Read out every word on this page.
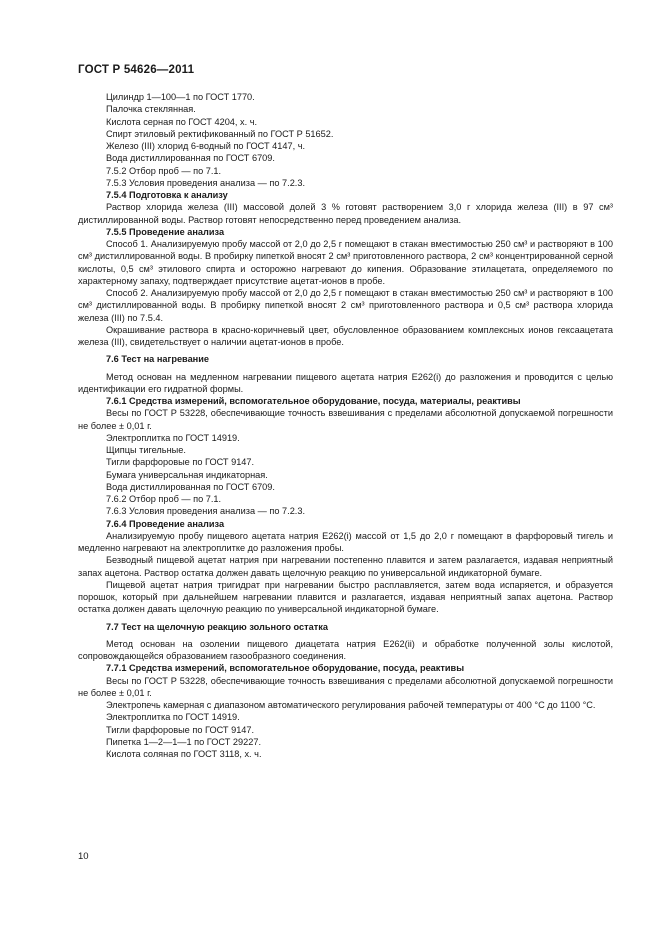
ГОСТ Р 54626—2011

Цилиндр 1—100—1 по ГОСТ 1770.

Палочка стеклянная.

Кислота серная по ГОСТ 4204, х. ч.

Спирт этиловый ректификованный по ГОСТ Р 51652.

Железо (III) хлорид 6-водный по ГОСТ 4147, ч.

Вода дистиллированная по ГОСТ 6709.

7.5.2 Отбор проб — по 7.1.

7.5.3 Условия проведения анализа — по 7.2.3.

7.5.4 Подготовка к анализу

Раствор хлорида железа (III) массовой долей 3 % готовят растворением 3,0 г хлорида железа (III) в 97 см³ дистиллированной воды. Раствор готовят непосредственно перед проведением анализа.

7.5.5 Проведение анализа

Способ 1. Анализируемую пробу массой от 2,0 до 2,5 г помещают в стакан вместимостью 250 см³ и растворяют в 100 см³ дистиллированной воды. В пробирку пипеткой вносят 2 см³ приготовленного раствора, 2 см³ концентрированной серной кислоты, 0,5 см³ этилового спирта и осторожно нагревают до кипения. Образование этилацетата, определяемого по характерному запаху, подтверждает присутствие ацетат-ионов в пробе.

Способ 2. Анализируемую пробу массой от 2,0 до 2,5 г помещают в стакан вместимостью 250 см³ и растворяют в 100 см³ дистиллированной воды. В пробирку пипеткой вносят 2 см³ приготовленного раствора и 0,5 см³ раствора хлорида железа (III) по 7.5.4.

Окрашивание раствора в красно-коричневый цвет, обусловленное образованием комплексных ионов гексаацетата железа (III), свидетельствует о наличии ацетат-ионов в пробе.

7.6 Тест на нагревание

Метод основан на медленном нагревании пищевого ацетата натрия Е262(i) до разложения и проводится с целью идентификации его гидратной формы.

7.6.1 Средства измерений, вспомогательное оборудование, посуда, материалы, реактивы

Весы по ГОСТ Р 53228, обеспечивающие точность взвешивания с пределами абсолютной допускаемой погрешности не более ± 0,01 г.

Электроплитка по ГОСТ 14919.

Щипцы тигельные.

Тигли фарфоровые по ГОСТ 9147.

Бумага универсальная индикаторная.

Вода дистиллированная по ГОСТ 6709.

7.6.2 Отбор проб — по 7.1.

7.6.3 Условия проведения анализа — по 7.2.3.

7.6.4 Проведение анализа

Анализируемую пробу пищевого ацетата натрия Е262(i) массой от 1,5 до 2,0 г помещают в фарфоровый тигель и медленно нагревают на электроплитке до разложения пробы.

Безводный пищевой ацетат натрия при нагревании постепенно плавится и затем разлагается, издавая неприятный запах ацетона. Раствор остатка должен давать щелочную реакцию по универсальной индикаторной бумаге.

Пищевой ацетат натрия тригидрат при нагревании быстро расплавляется, затем вода испаряется, и образуется порошок, который при дальнейшем нагревании плавится и разлагается, издавая неприятный запах ацетона. Раствор остатка должен давать щелочную реакцию по универсальной индикаторной бумаге.

7.7 Тест на щелочную реакцию зольного остатка

Метод основан на озолении пищевого диацетата натрия Е262(ii) и обработке полученной золы кислотой, сопровождающейся образованием газообразного соединения.

7.7.1 Средства измерений, вспомогательное оборудование, посуда, реактивы

Весы по ГОСТ Р 53228, обеспечивающие точность взвешивания с пределами абсолютной допускаемой погрешности не более ± 0,01 г.

Электропечь камерная с диапазоном автоматического регулирования рабочей температуры от 400 °С до 1100 °С.

Электроплитка по ГОСТ 14919.

Тигли фарфоровые по ГОСТ 9147.

Пипетка 1—2—1—1 по ГОСТ 29227.

Кислота соляная по ГОСТ 3118, х. ч.

10
